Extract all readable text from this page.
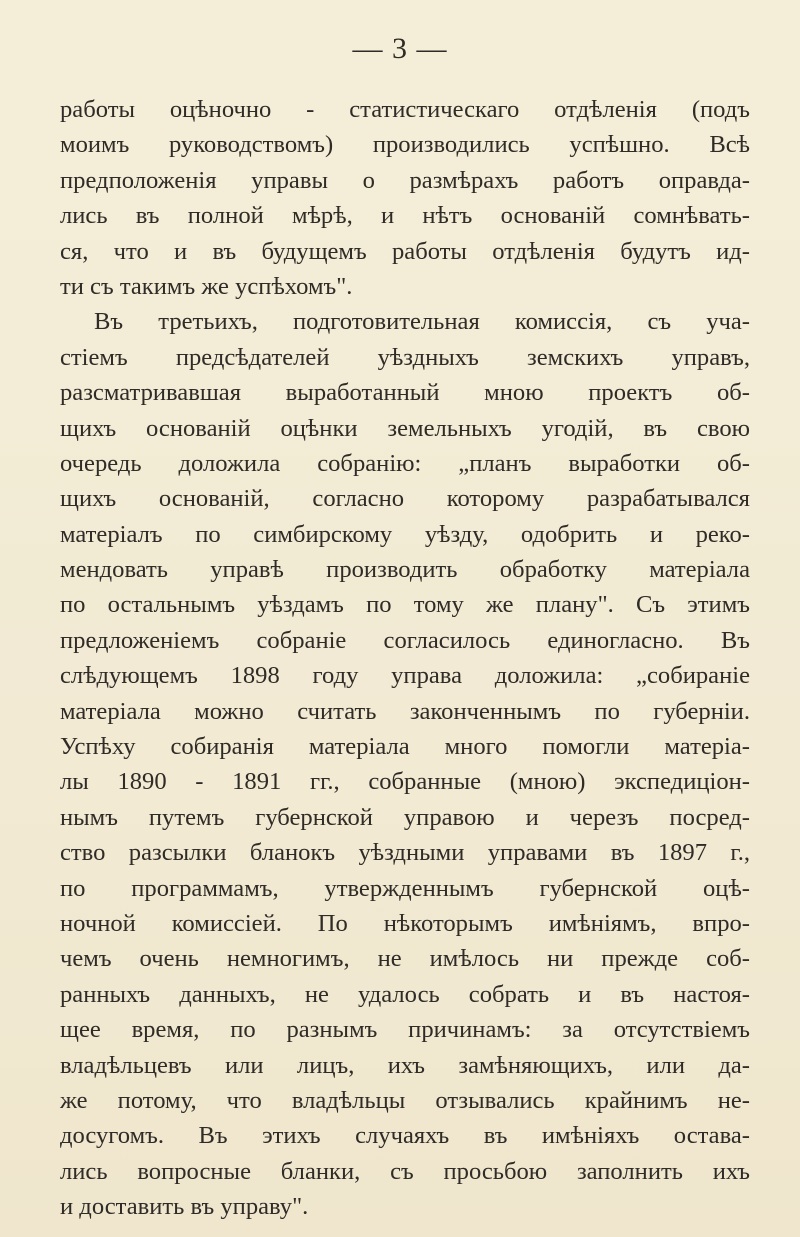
— 3 —
работы оцѣночно - статистическаго отдѣленія (подъ
моимъ руководствомъ) производились успѣшно. Всѣ
предположенія управы о размѣрахъ работъ оправда-
лись въ полной мѣрѣ, и нѣтъ основаній сомнѣвать-
ся, что и въ будущемъ работы отдѣленія будутъ ид-
ти съ такимъ же успѣхомъ".
Въ третьихъ, подготовительная комиссія, съ уча-
стіемъ предсѣдателей уѣздныхъ земскихъ управъ,
разсматривавшая выработанный мною проектъ об-
щихъ основаній оцѣнки земельныхъ угодій, въ свою
очередь доложила собранію: „планъ выработки об-
щихъ основаній, согласно которому разрабатывался
матеріалъ по симбирскому уѣзду, одобрить и реко-
мендовать управѣ производить обработку матеріала
по остальнымъ уѣздамъ по тому же плану". Съ этимъ
предложеніемъ собраніе согласилось единогласно. Въ
слѣдующемъ 1898 году управа доложила: „собираніе
матеріала можно считать законченнымъ по губерніи.
Успѣху собиранія матеріала много помогли матеріа-
лы 1890 - 1891 гг., собранные (мною) экспедиціон-
нымъ путемъ губернской управою и черезъ посред-
ство разсылки бланокъ уѣздными управами въ 1897 г.,
по программамъ, утвержденнымъ губернской оцѣ-
ночной комиссіей. По нѣкоторымъ имѣніямъ, впро-
чемъ очень немногимъ, не имѣлось ни прежде соб-
ранныхъ данныхъ, не удалось собрать и въ настоя-
щее время, по разнымъ причинамъ: за отсутствіемъ
владѣльцевъ или лицъ, ихъ замѣняющихъ, или да-
же потому, что владѣльцы отзывались крайнимъ не-
досугомъ. Въ этихъ случаяхъ въ имѣніяхъ остава-
лись вопросные бланки, съ просьбою заполнить ихъ
и доставить въ управу".
